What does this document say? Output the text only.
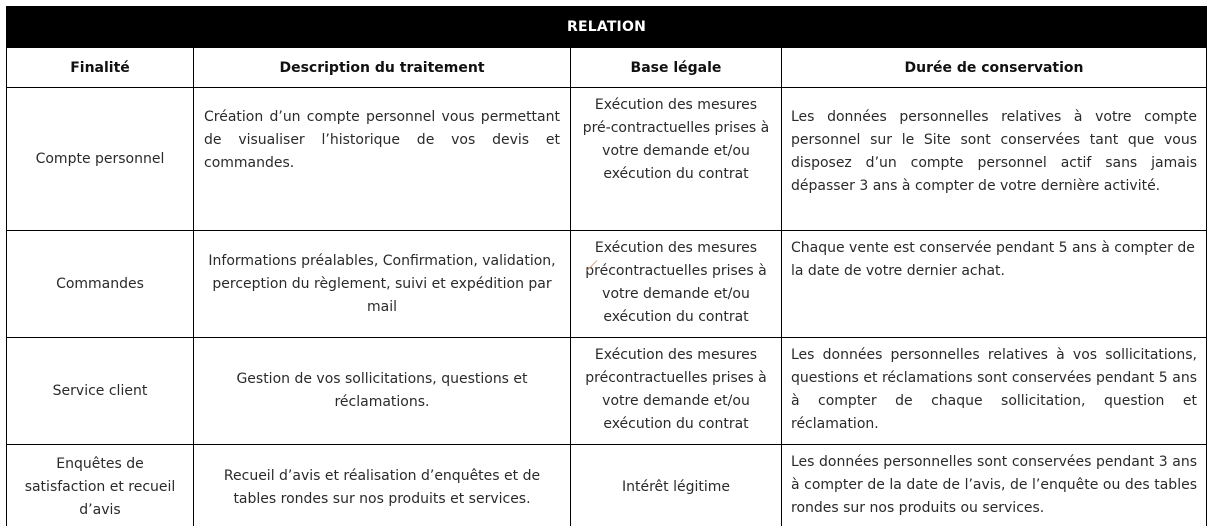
RELATION			
Finalité	Description du traitement	Base légale	Durée de conservation
Compte personnel	Création d’un compte personnel vous permettant de visualiser l’historique de vos devis et commandes.	Exécution des mesures pré-contractuelles prises à votre demande et/ou exécution du contrat	Les données personnelles relatives à votre compte personnel sur le Site sont conservées tant que vous disposez d’un compte personnel actif sans jamais dépasser 3 ans à compter de votre dernière activité.
Commandes	Informations préalables, Confirmation, validation, perception du règlement, suivi et expédition par mail	Exécution des mesures précontractuelles prises à votre demande et/ou exécution du contrat	Chaque vente est conservée pendant 5 ans à compter de la date de votre dernier achat.
Service client	Gestion de vos sollicitations, questions et réclamations.	Exécution des mesures précontractuelles prises à votre demande et/ou exécution du contrat	Les données personnelles relatives à vos sollicitations, questions et réclamations sont conservées pendant 5 ans à compter de chaque sollicitation, question et réclamation.
Enquêtes de satisfaction et recueil d’avis	Recueil d’avis et réalisation d’enquêtes et de tables rondes sur nos produits et services.	Intérêt légitime	Les données personnelles sont conservées pendant 3 ans à compter de la date de l’avis, de l’enquête ou des tables rondes sur nos produits ou services.
